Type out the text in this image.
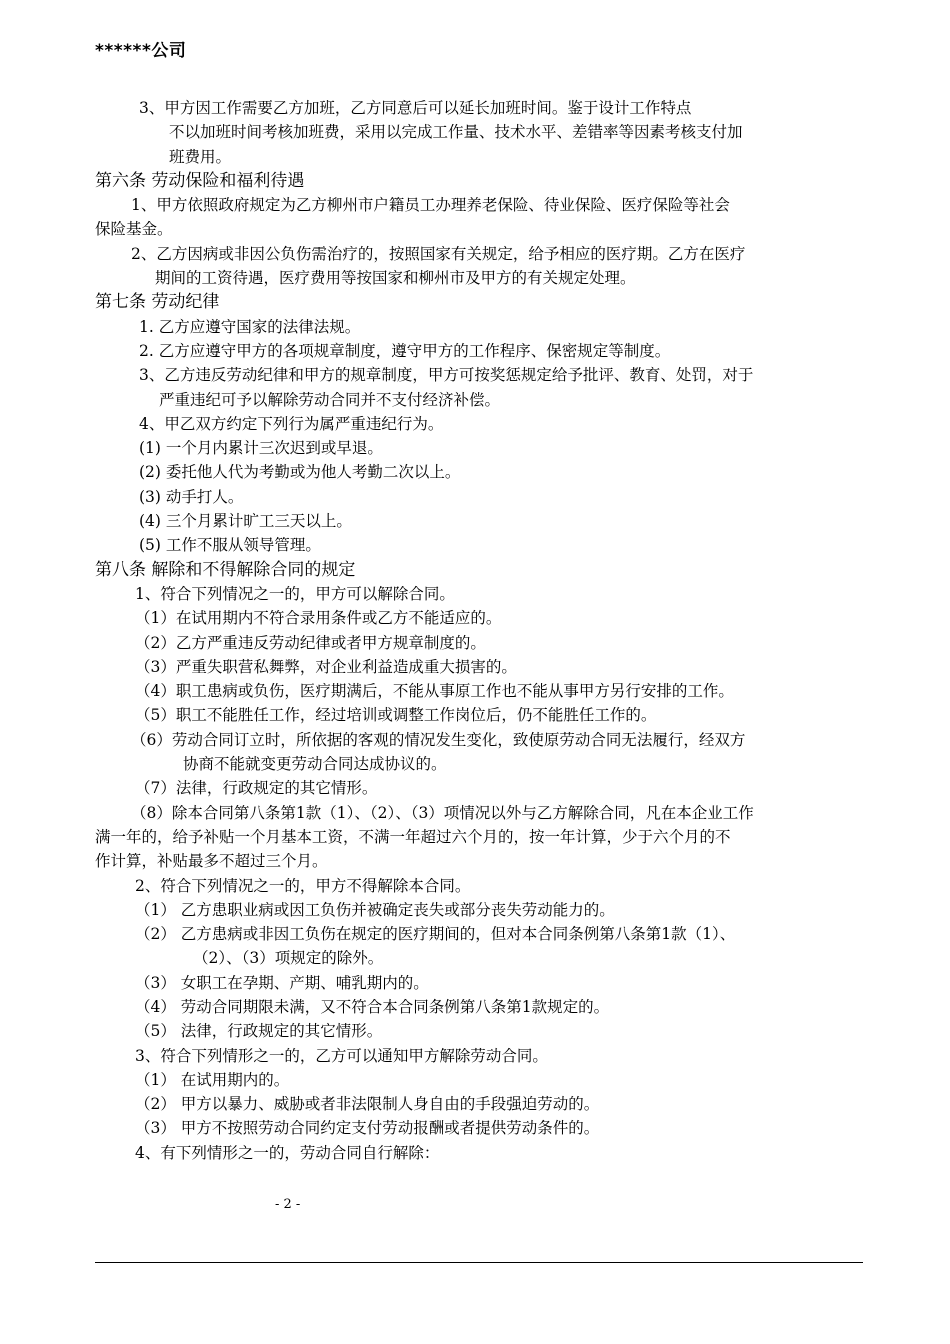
******公司
3、甲方因工作需要乙方加班，乙方同意后可以延长加班时间。鉴于设计工作特点
不以加班时间考核加班费，采用以完成工作量、技术水平、差错率等因素考核支付加
班费用。
第六条 劳动保险和福利待遇
1、甲方依照政府规定为乙方柳州市户籍员工办理养老保险、待业保险、医疗保险等社会
保险基金。
2、乙方因病或非因公负伤需治疗的，按照国家有关规定，给予相应的医疗期。乙方在医疗
期间的工资待遇，医疗费用等按国家和柳州市及甲方的有关规定处理。
第七条 劳动纪律
1. 乙方应遵守国家的法律法规。
2. 乙方应遵守甲方的各项规章制度，遵守甲方的工作程序、保密规定等制度。
3、乙方违反劳动纪律和甲方的规章制度，甲方可按奖惩规定给予批评、教育、处罚，对于
严重违纪可予以解除劳动合同并不支付经济补偿。
4、甲乙双方约定下列行为属严重违纪行为。
(1) 一个月内累计三次迟到或早退。
(2) 委托他人代为考勤或为他人考勤二次以上。
(3) 动手打人。
(4) 三个月累计旷工三天以上。
(5) 工作不服从领导管理。
第八条 解除和不得解除合同的规定
1、符合下列情况之一的，甲方可以解除合同。
（1）在试用期内不符合录用条件或乙方不能适应的。
（2）乙方严重违反劳动纪律或者甲方规章制度的。
（3）严重失职营私舞弊，对企业利益造成重大损害的。
（4）职工患病或负伤，医疗期满后，不能从事原工作也不能从事甲方另行安排的工作。
（5）职工不能胜任工作，经过培训或调整工作岗位后，仍不能胜任工作的。
（6）劳动合同订立时，所依据的客观的情况发生变化，致使原劳动合同无法履行，经双方
协商不能就变更劳动合同达成协议的。
（7）法律，行政规定的其它情形。
（8）除本合同第八条第1款（1）、（2）、（3）项情况以外与乙方解除合同，凡在本企业工作
满一年的，给予补贴一个月基本工资，不满一年超过六个月的，按一年计算，少于六个月的不
作计算，补贴最多不超过三个月。
2、符合下列情况之一的，甲方不得解除本合同。
（1） 乙方患职业病或因工负伤并被确定丧失或部分丧失劳动能力的。
（2） 乙方患病或非因工负伤在规定的医疗期间的，但对本合同条例第八条第1款（1）、
（2）、（3）项规定的除外。
（3） 女职工在孕期、产期、哺乳期内的。
（4） 劳动合同期限未满，又不符合本合同条例第八条第1款规定的。
（5） 法律，行政规定的其它情形。
3、符合下列情形之一的，乙方可以通知甲方解除劳动合同。
（1） 在试用期内的。
（2） 甲方以暴力、威胁或者非法限制人身自由的手段强迫劳动的。
（3） 甲方不按照劳动合同约定支付劳动报酬或者提供劳动条件的。
4、有下列情形之一的，劳动合同自行解除：
- 2 -
